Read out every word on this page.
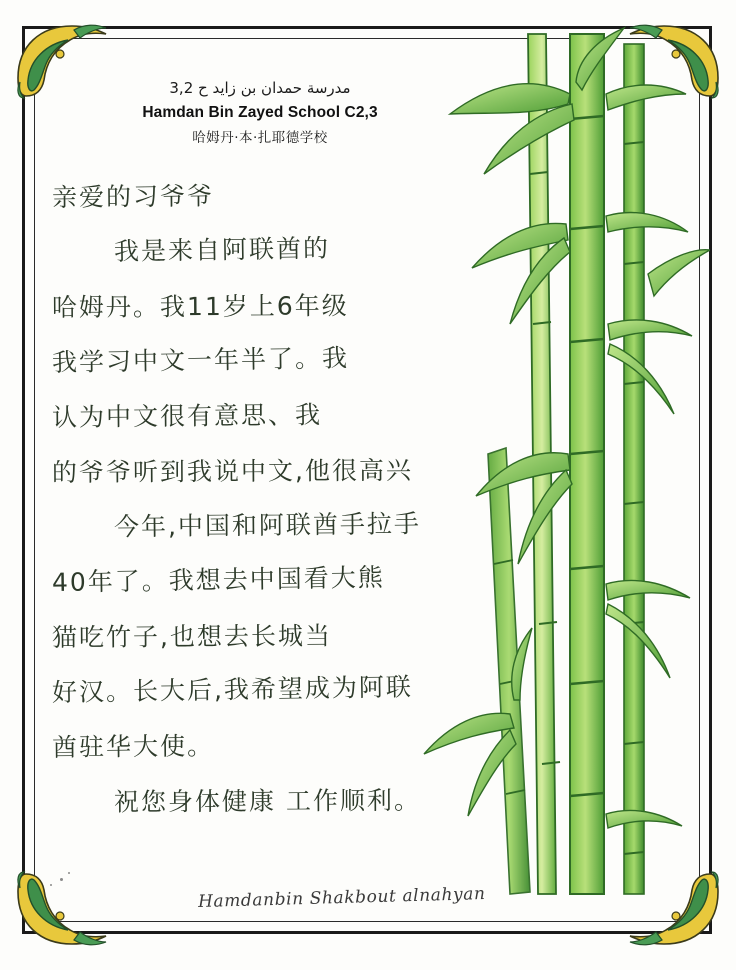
مدرسة حمدان بن زايد ح 3,2
Hamdan Bin Zayed School C2,3
哈姆丹·本·扎耶德学校
亲爱的习爷爷
我是来自阿联酋的
哈姆丹。我11岁上6年级
我学习中文一年半了。我
认为中文很有意思、我
的爷爷听到我说中文,他很高兴
今年,中国和阿联酋手拉手
40年了。我想去中国看大熊
猫吃竹子,也想去长城当
好汉。长大后,我希望成为阿联
酋驻华大使。
祝您身体健康 工作顺利。
Hamdanbin Shakbout alnahyan
